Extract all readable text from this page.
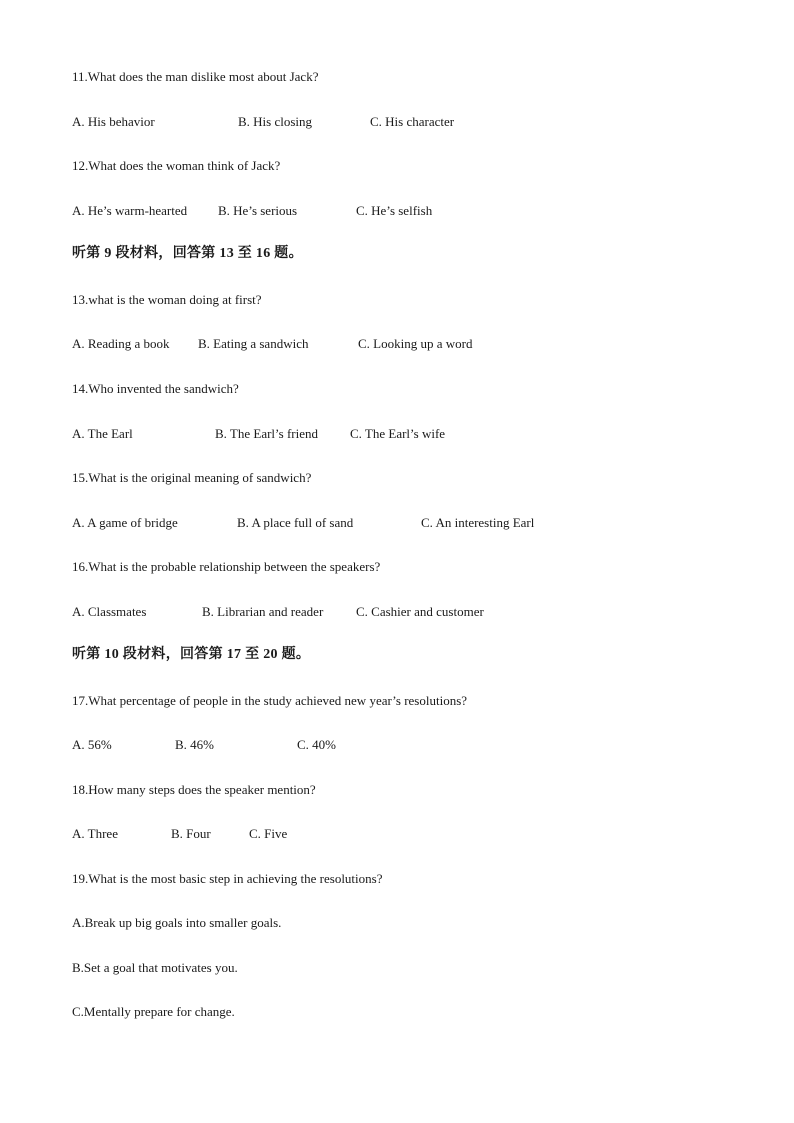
11.What does the man dislike most about Jack?
A. His behavior	B. His closing	C. His character
12.What does the woman think of Jack?
A. He’s warm-hearted B. He’s serious	C. He’s selfish
听第 9 段材料，回答第 13 至 16 题。
13.what is the woman doing at first?
A. Reading a book B. Eating a sandwich	C. Looking up a word
14.Who invented the sandwich?
A. The Earl	B. The Earl’s friend C. The Earl’s wife
15.What is the original meaning of sandwich?
A. A game of bridge	B. A place full of sand	C. An interesting Earl
16.What is the probable relationship between the speakers?
A. Classmates	B. Librarian and reader	C. Cashier and customer
听第 10 段材料，回答第 17 至 20 题。
17.What percentage of people in the study achieved new year’s resolutions?
A. 56%	B. 46%	C. 40%
18.How many steps does the speaker mention?
A. Three	B. Four	C. Five
19.What is the most basic step in achieving the resolutions?
A.Break up big goals into smaller goals.
B.Set a goal that motivates you.
C.Mentally prepare for change.
